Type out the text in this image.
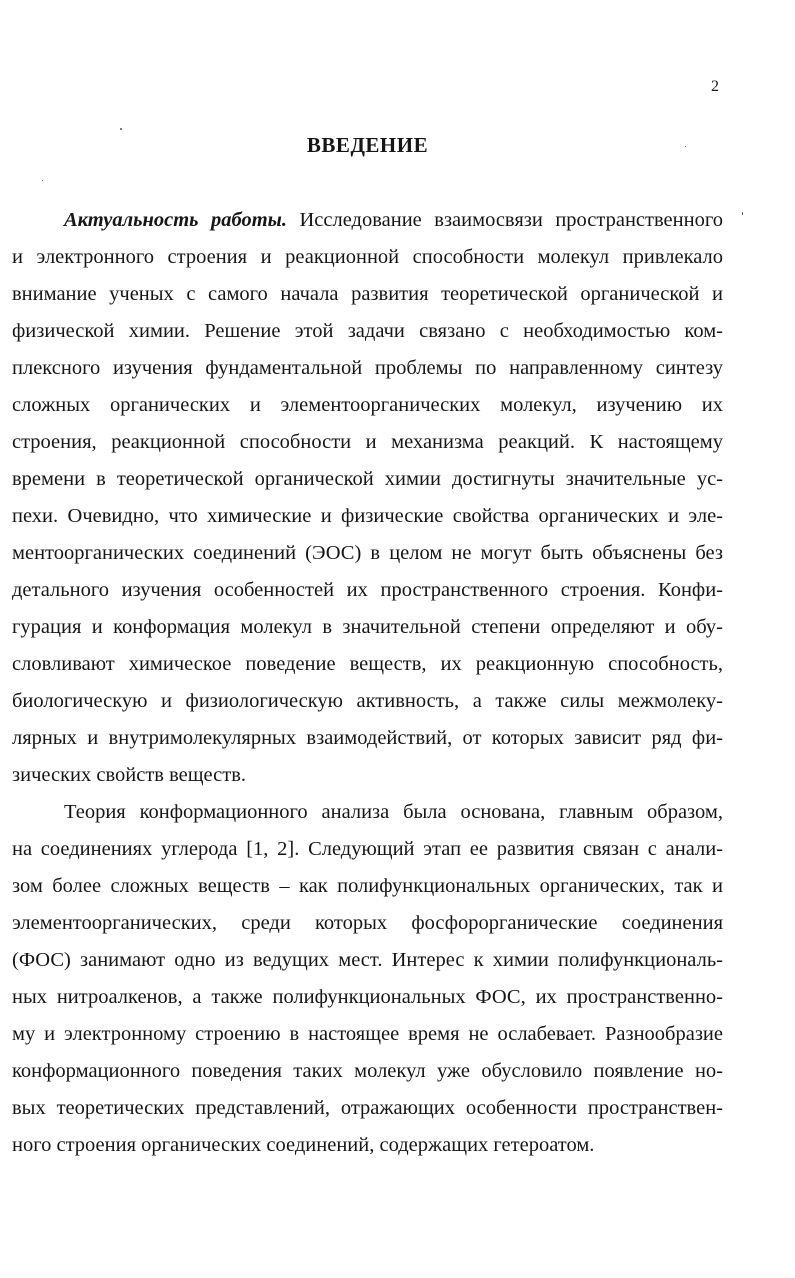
2
ВВЕДЕНИЕ
Актуальность работы. Исследование взаимосвязи пространственного
и электронного строения и реакционной способности молекул привлекало
внимание ученых с самого начала развития теоретической органической и
физической химии. Решение этой задачи связано с необходимостью ком-
плексного изучения фундаментальной проблемы по направленному синтезу
сложных органических и элементоорганических молекул, изучению их
строения, реакционной способности и механизма реакций. К настоящему
времени в теоретической органической химии достигнуты значительные ус-
пехи. Очевидно, что химические и физические свойства органических и эле-
ментоорганических соединений (ЭОС) в целом не могут быть объяснены без
детального изучения особенностей их пространственного строения. Конфи-
гурация и конформация молекул в значительной степени определяют и обу-
словливают химическое поведение веществ, их реакционную способность,
биологическую и физиологическую активность, а также силы межмолеку-
лярных и внутримолекулярных взаимодействий, от которых зависит ряд фи-
зических свойств веществ.
Теория конформационного анализа была основана, главным образом,
на соединениях углерода [1, 2]. Следующий этап ее развития связан с анали-
зом более сложных веществ – как полифункциональных органических, так и
элементоорганических, среди которых фосфорорганические соединения
(ФОС) занимают одно из ведущих мест. Интерес к химии полифункциональ-
ных нитроалкенов, а также полифункциональных ФОС, их пространственно-
му и электронному строению в настоящее время не ослабевает. Разнообразие
конформационного поведения таких молекул уже обусловило появление но-
вых теоретических представлений, отражающих особенности пространствен-
ного строения органических соединений, содержащих гетероатом.
